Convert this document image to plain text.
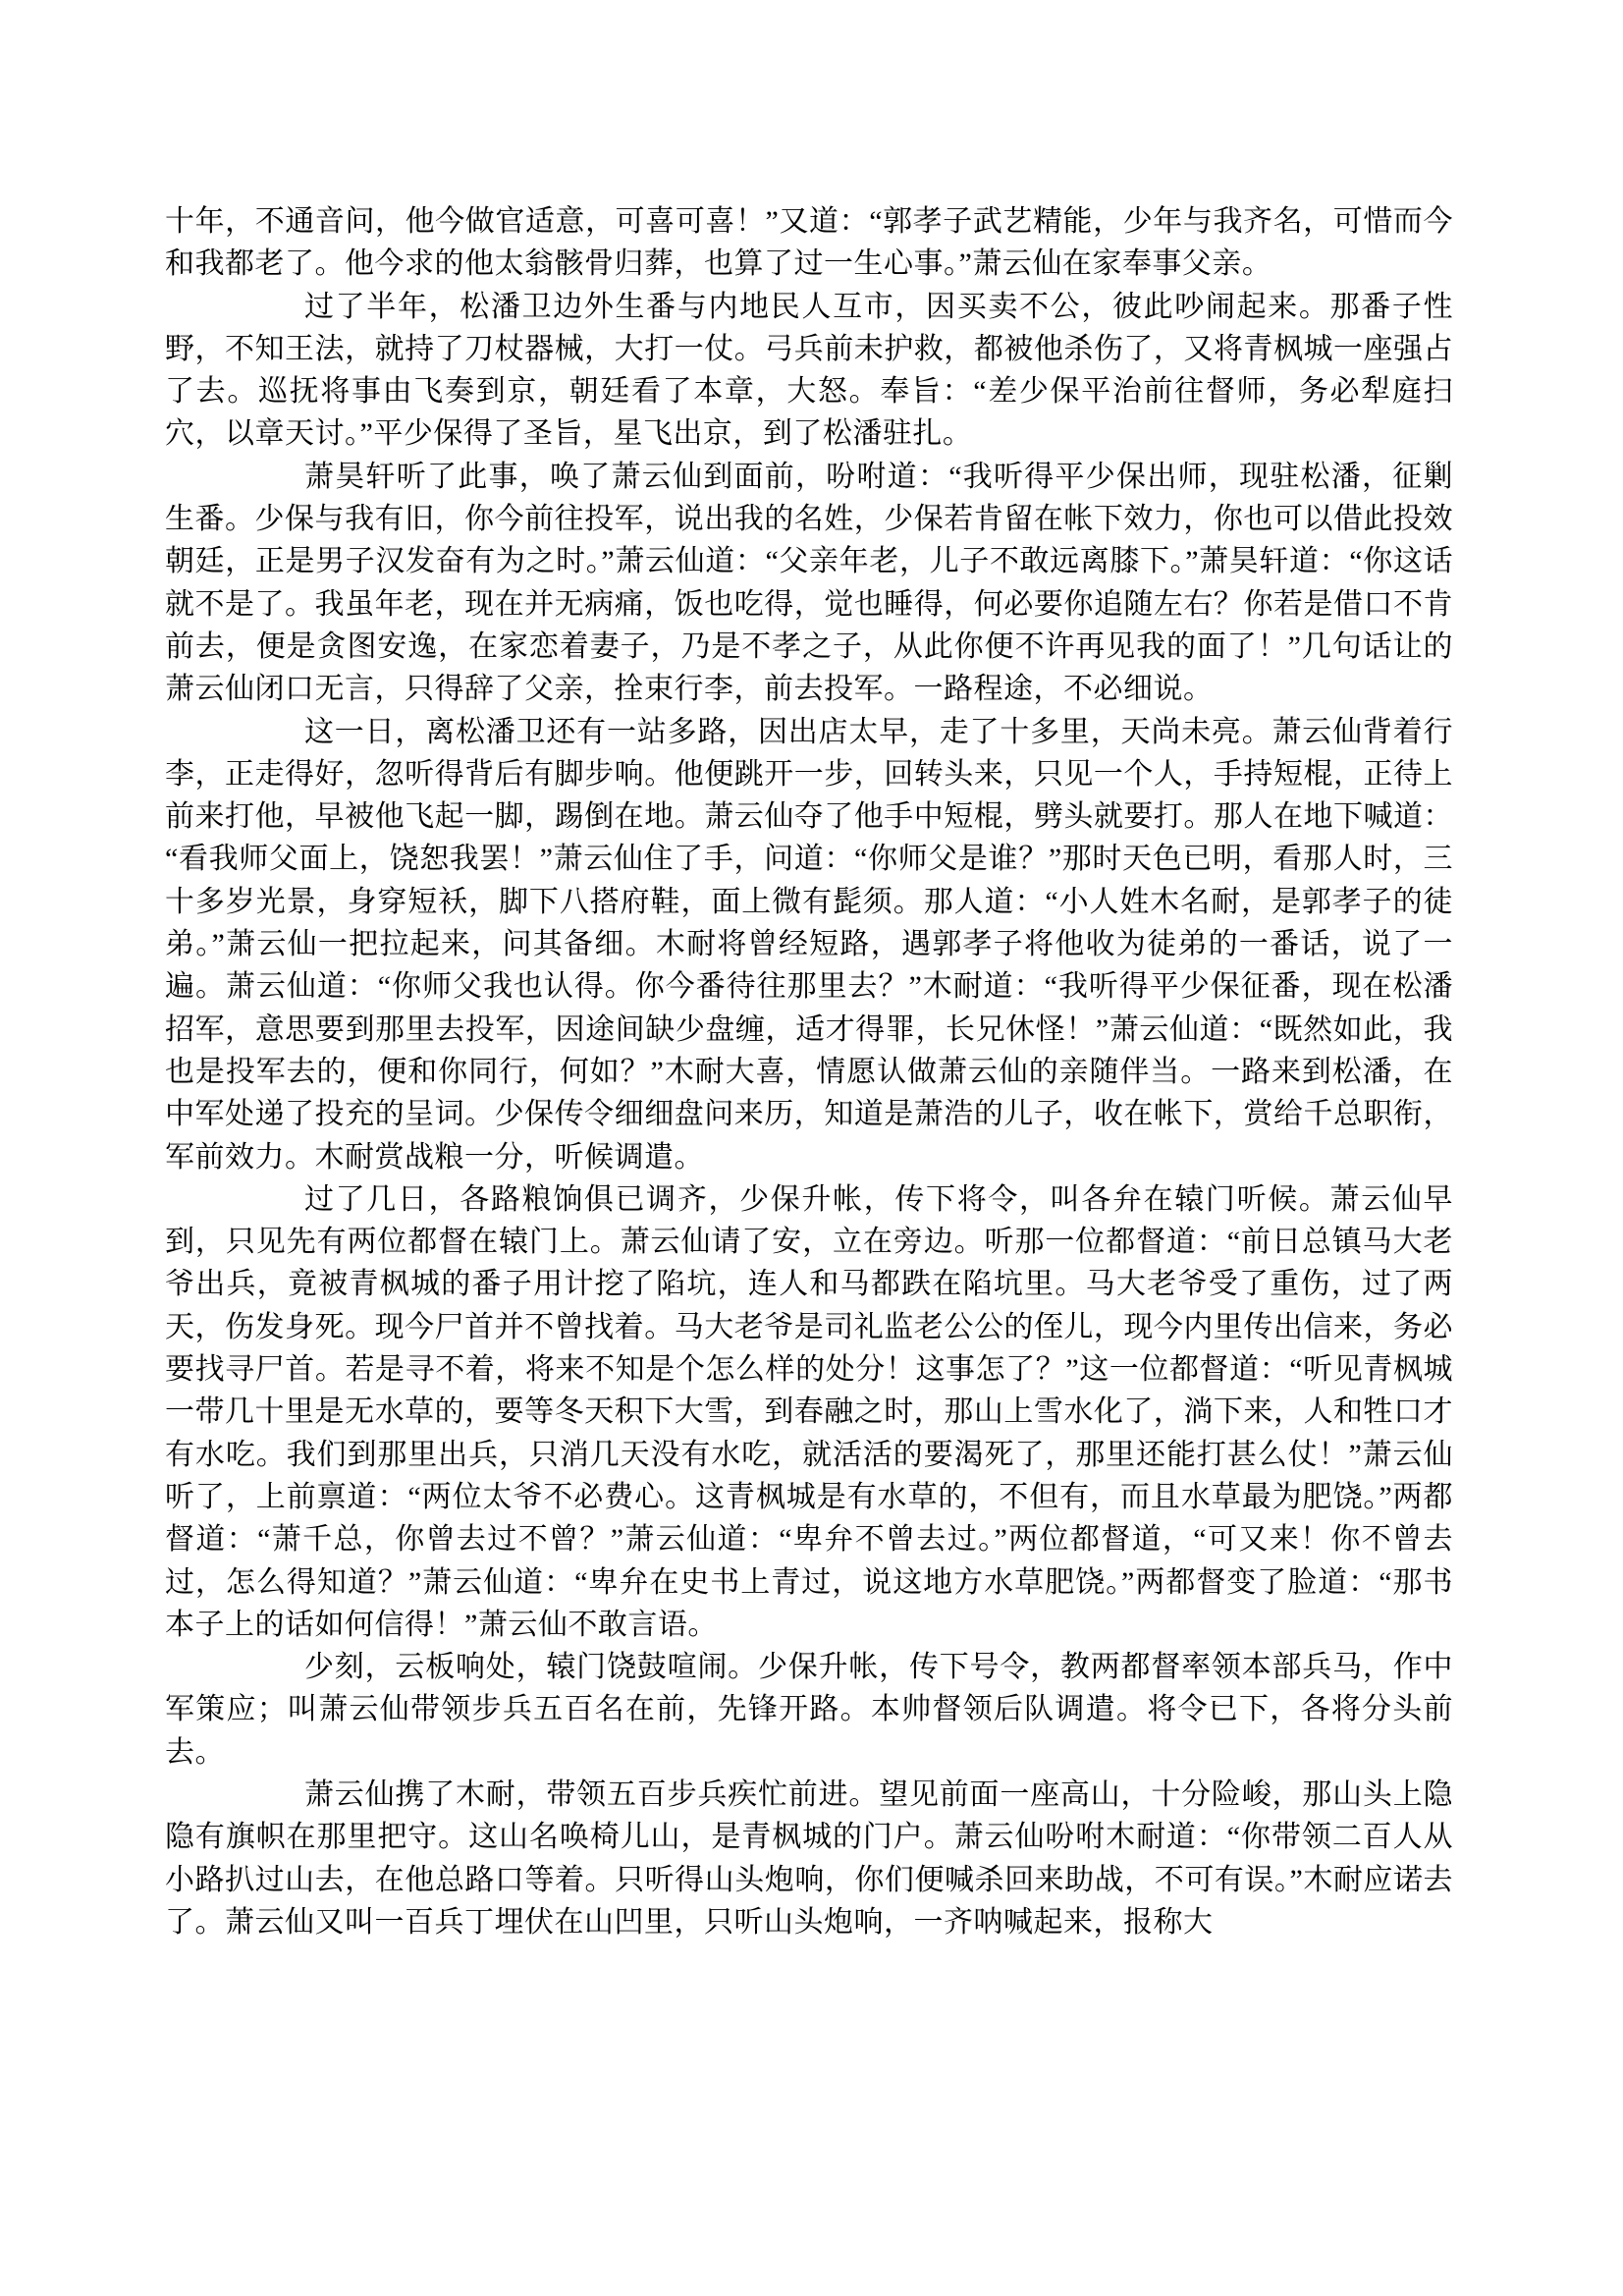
十年，不通音问，他今做官适意，可喜可喜！”又道：“郭孝子武艺精能，少年与我齐名，可惜而今和我都老了。他今求的他太翁骸骨归葬，也算了过一生心事。”萧云仙在家奉事父亲。

过了半年，松潘卫边外生番与内地民人互市，因买卖不公，彼此吵闹起来。那番子性野，不知王法，就持了刀杖器械，大打一仗。弓兵前未护救，都被他杀伤了，又将青枫城一座强占了去。巡抚将事由飞奏到京，朝廷看了本章，大怒。奉旨：“差少保平治前往督师，务必犁庭扫穴，以章天讨。”平少保得了圣旨，星飞出京，到了松潘驻扎。

萧昊轩听了此事，唤了萧云仙到面前，吩咐道：“我听得平少保出师，现驻松潘，征剿生番。少保与我有旧，你今前往投军，说出我的名姓，少保若肯留在帐下效力，你也可以借此投效朝廷，正是男子汉发奋有为之时。”萧云仙道：“父亲年老，儿子不敢远离膝下。”萧昊轩道：“你这话就不是了。我虽年老，现在并无病痛，饭也吃得，觉也睡得，何必要你追随左右？你若是借口不肯前去，便是贪图安逸，在家恋着妻子，乃是不孝之子，从此你便不许再见我的面了！”几句话让的萧云仙闭口无言，只得辞了父亲，拴束行李，前去投军。一路程途，不必细说。

这一日，离松潘卫还有一站多路，因出店太早，走了十多里，天尚未亮。萧云仙背着行李，正走得好，忽听得背后有脚步响。他便跳开一步，回转头来，只见一个人，手持短棍，正待上前来打他，早被他飞起一脚，踢倒在地。萧云仙夺了他手中短棍，劈头就要打。那人在地下喊道：“看我师父面上，饶恕我罢！”萧云仙住了手，问道：“你师父是谁？”那时天色已明，看那人时，三十多岁光景，身穿短袄，脚下八搭府鞋，面上微有髭须。那人道：“小人姓木名耐，是郭孝子的徒弟。”萧云仙一把拉起来，问其备细。木耐将曾经短路，遇郭孝子将他收为徒弟的一番话，说了一遍。萧云仙道：“你师父我也认得。你今番待往那里去？”木耐道：“我听得平少保征番，现在松潘招军，意思要到那里去投军，因途间缺少盘缠，适才得罪，长兄休怪！”萧云仙道：“既然如此，我也是投军去的，便和你同行，何如？”木耐大喜，情愿认做萧云仙的亲随伴当。一路来到松潘，在中军处递了投充的呈词。少保传令细细盘问来历，知道是萧浩的儿子，收在帐下，赏给千总职衔，军前效力。木耐赏战粮一分，听候调遣。

过了几日，各路粮饷俱已调齐，少保升帐，传下将令，叫各弁在辕门听候。萧云仙早到，只见先有两位都督在辕门上。萧云仙请了安，立在旁边。听那一位都督道：“前日总镇马大老爷出兵，竟被青枫城的番子用计挖了陷坑，连人和马都跌在陷坑里。马大老爷受了重伤，过了两天，伤发身死。现今尸首并不曾找着。马大老爷是司礼监老公公的侄儿，现今内里传出信来，务必要找寻尸首。若是寻不着，将来不知是个怎么样的处分！这事怎了？”这一位都督道：“听见青枫城一带几十里是无水草的，要等冬天积下大雪，到春融之时，那山上雪水化了，淌下来，人和牲口才有水吃。我们到那里出兵，只消几天没有水吃，就活活的要渴死了，那里还能打甚么仗！”萧云仙听了，上前禀道：“两位太爷不必费心。这青枫城是有水草的，不但有，而且水草最为肥饶。”两都督道：“萧千总，你曾去过不曾？”萧云仙道：“卑弁不曾去过。”两位都督道，“可又来！你不曾去过，怎么得知道？”萧云仙道：“卑弁在史书上青过，说这地方水草肥饶。”两都督变了脸道：“那书本子上的话如何信得！”萧云仙不敢言语。

少刻，云板响处，辕门饶鼓喧闹。少保升帐，传下号令，教两都督率领本部兵马，作中军策应；叫萧云仙带领步兵五百名在前，先锋开路。本帅督领后队调遣。将令已下，各将分头前去。

萧云仙携了木耐，带领五百步兵疾忙前进。望见前面一座高山，十分险峻，那山头上隐隐有旗帜在那里把守。这山名唤椅儿山，是青枫城的门户。萧云仙吩咐木耐道：“你带领二百人从小路扒过山去，在他总路口等着。只听得山头炮响，你们便喊杀回来助战，不可有误。”木耐应诺去了。萧云仙又叫一百兵丁埋伏在山凹里，只听山头炮响，一齐呐喊起来，报称大
